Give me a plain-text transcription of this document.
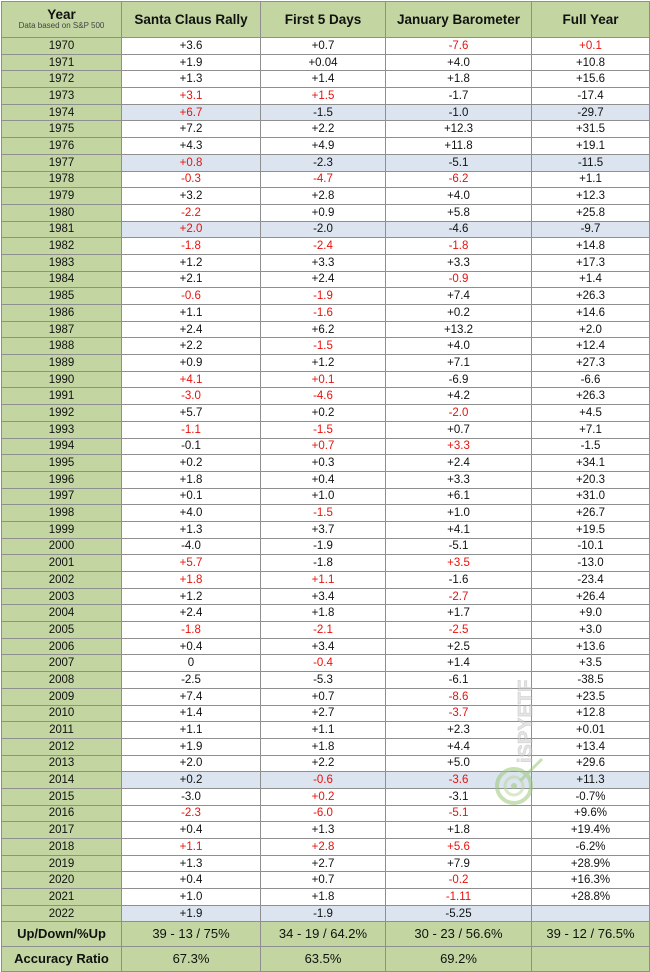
Year
Data based on S&P 500	Santa Claus Rally	First 5 Days	January Barometer	Full Year
1970	+3.6	+0.7	-7.6	+0.1
1971	+1.9	+0.04	+4.0	+10.8
1972	+1.3	+1.4	+1.8	+15.6
1973	+3.1	+1.5	-1.7	-17.4
1974	+6.7	-1.5	-1.0	-29.7
1975	+7.2	+2.2	+12.3	+31.5
1976	+4.3	+4.9	+11.8	+19.1
1977	+0.8	-2.3	-5.1	-11.5
1978	-0.3	-4.7	-6.2	+1.1
1979	+3.2	+2.8	+4.0	+12.3
1980	-2.2	+0.9	+5.8	+25.8
1981	+2.0	-2.0	-4.6	-9.7
1982	-1.8	-2.4	-1.8	+14.8
1983	+1.2	+3.3	+3.3	+17.3
1984	+2.1	+2.4	-0.9	+1.4
1985	-0.6	-1.9	+7.4	+26.3
1986	+1.1	-1.6	+0.2	+14.6
1987	+2.4	+6.2	+13.2	+2.0
1988	+2.2	-1.5	+4.0	+12.4
1989	+0.9	+1.2	+7.1	+27.3
1990	+4.1	+0.1	-6.9	-6.6
1991	-3.0	-4.6	+4.2	+26.3
1992	+5.7	+0.2	-2.0	+4.5
1993	-1.1	-1.5	+0.7	+7.1
1994	-0.1	+0.7	+3.3	-1.5
1995	+0.2	+0.3	+2.4	+34.1
1996	+1.8	+0.4	+3.3	+20.3
1997	+0.1	+1.0	+6.1	+31.0
1998	+4.0	-1.5	+1.0	+26.7
1999	+1.3	+3.7	+4.1	+19.5
2000	-4.0	-1.9	-5.1	-10.1
2001	+5.7	-1.8	+3.5	-13.0
2002	+1.8	+1.1	-1.6	-23.4
2003	+1.2	+3.4	-2.7	+26.4
2004	+2.4	+1.8	+1.7	+9.0
2005	-1.8	-2.1	-2.5	+3.0
2006	+0.4	+3.4	+2.5	+13.6
2007	0	-0.4	+1.4	+3.5
2008	-2.5	-5.3	-6.1	-38.5
2009	+7.4	+0.7	-8.6	+23.5
2010	+1.4	+2.7	-3.7	+12.8
2011	+1.1	+1.1	+2.3	+0.01
2012	+1.9	+1.8	+4.4	+13.4
2013	+2.0	+2.2	+5.0	+29.6
2014	+0.2	-0.6	-3.6	+11.3
2015	-3.0	+0.2	-3.1	-0.7%
2016	-2.3	-6.0	-5.1	+9.6%
2017	+0.4	+1.3	+1.8	+19.4%
2018	+1.1	+2.8	+5.6	-6.2%
2019	+1.3	+2.7	+7.9	+28.9%
2020	+0.4	+0.7	-0.2	+16.3%
2021	+1.0	+1.8	-1.11	+28.8%
2022	+1.9	-1.9	-5.25	
Up/Down/%Up	39 - 13 / 75%	34 - 19 / 64.2%	30 - 23 / 56.6%	39 - 12 / 76.5%
Accuracy Ratio	67.3%	63.5%	69.2%	
iSPYETF
